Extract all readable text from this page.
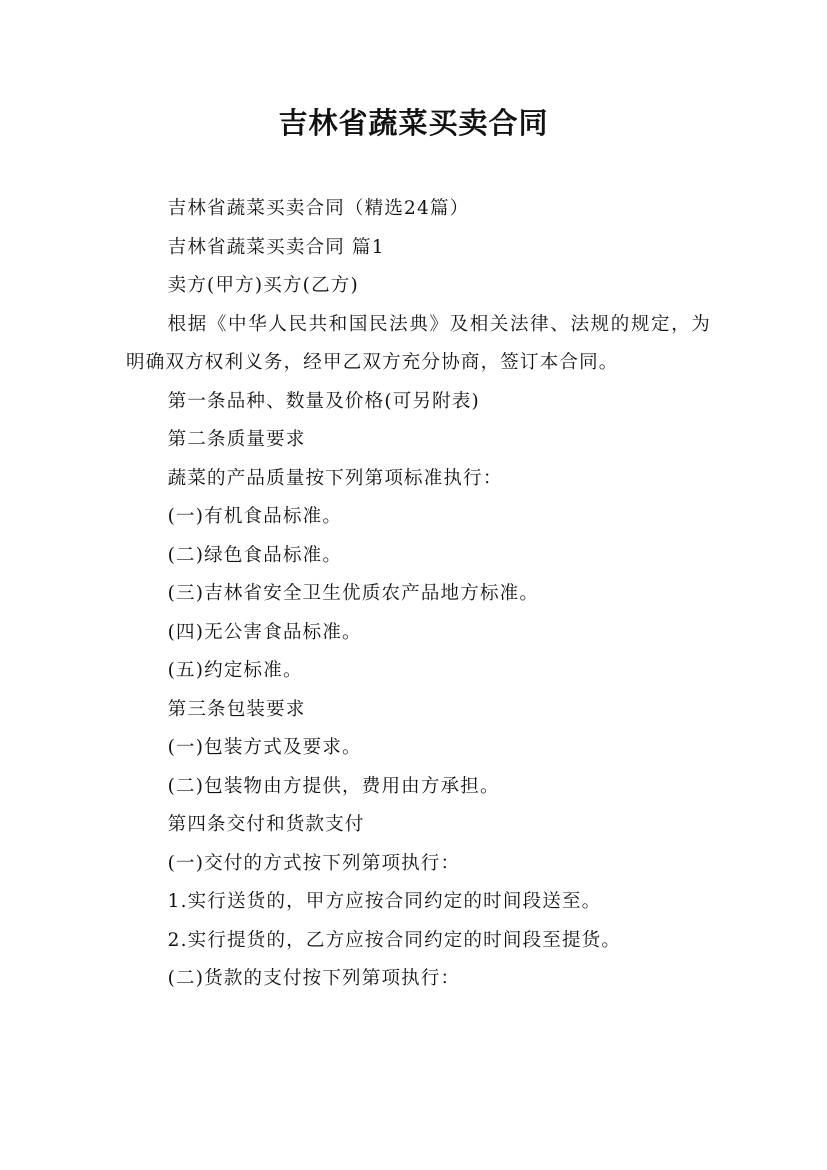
吉林省蔬菜买卖合同

吉林省蔬菜买卖合同（精选24篇）

吉林省蔬菜买卖合同 篇1

卖方(甲方)买方(乙方)

根据《中华人民共和国民法典》及相关法律、法规的规定，为明确双方权利义务，经甲乙双方充分协商，签订本合同。

第一条品种、数量及价格(可另附表)

第二条质量要求

蔬菜的产品质量按下列第项标准执行：

(一)有机食品标准。

(二)绿色食品标准。

(三)吉林省安全卫生优质农产品地方标准。

(四)无公害食品标准。

(五)约定标准。

第三条包装要求

(一)包装方式及要求。

(二)包装物由方提供，费用由方承担。

第四条交付和货款支付

(一)交付的方式按下列第项执行：

1.实行送货的，甲方应按合同约定的时间段送至。

2.实行提货的，乙方应按合同约定的时间段至提货。

(二)货款的支付按下列第项执行：
